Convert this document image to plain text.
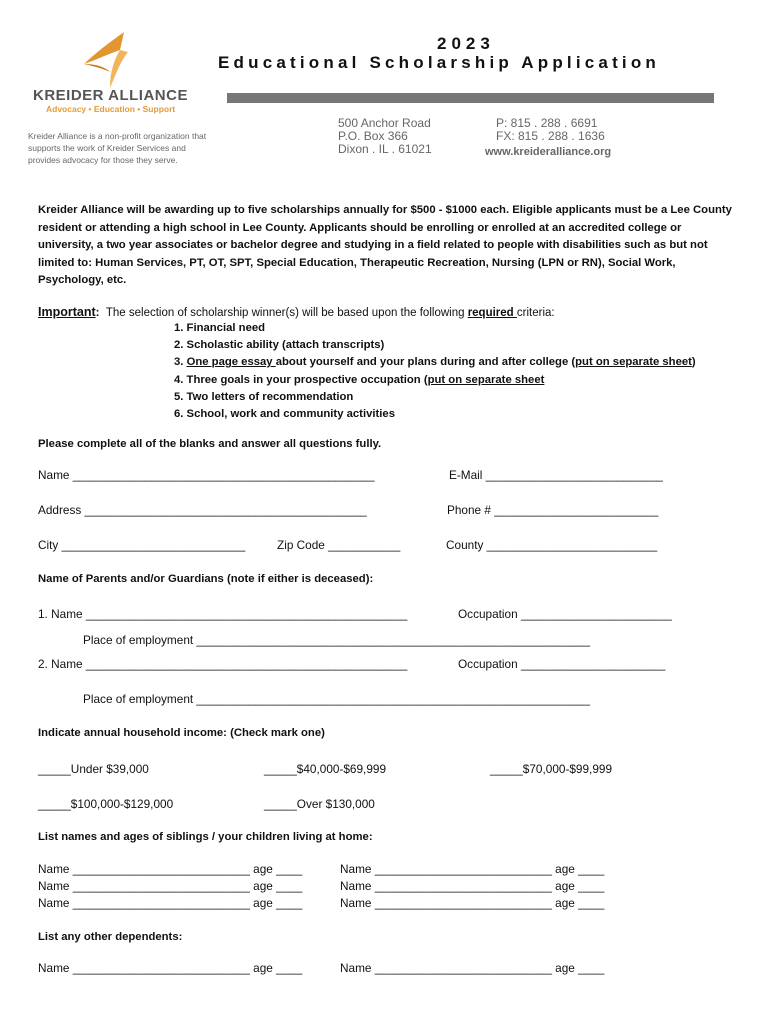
KREIDER ALLIANCE
Advocacy • Education • Support
Kreider Alliance is a non-profit organization that supports the work of Kreider Services and provides advocacy for those they serve.
2023
Educational Scholarship Application
500 Anchor Road
P.O. Box 366
Dixon . IL . 61021
P: 815 . 288 . 6691
FX: 815 . 288 . 1636
www.kreideralliance.org
Kreider Alliance will be awarding up to five scholarships annually for $500 - $1000 each. Eligible applicants must be a Lee County resident or attending a high school in Lee County. Applicants should be enrolling or enrolled at an accredited college or university, a two year associates or bachelor degree and studying in a field related to people with disabilities such as but not limited to: Human Services, PT, OT, SPT, Special Education, Therapeutic Recreation, Nursing (LPN or RN), Social Work, Psychology, etc.
Important: The selection of scholarship winner(s) will be based upon the following required criteria:
1. Financial need
2. Scholastic ability (attach transcripts)
3. One page essay about yourself and your plans during and after college (put on separate sheet)
4. Three goals in your prospective occupation (put on separate sheet
5. Two letters of recommendation
6. School, work and community activities
Please complete all of the blanks and answer all questions fully.
Name ______________________________________________	E-Mail ___________________________
Address ___________________________________________	Phone # _________________________
City ____________________________	Zip Code ___________	County __________________________
Name of Parents and/or Guardians (note if either is deceased):
1. Name _________________________________________________	Occupation _______________________
Place of employment ____________________________________________________________
2. Name _________________________________________________	Occupation ______________________
Place of employment ____________________________________________________________
Indicate annual household income: (Check mark one)
_____Under $39,000	_____$40,000-$69,999	_____$70,000-$99,999
_____$100,000-$129,000	_____Over $130,000
List names and ages of siblings / your children living at home:
Name ___________________________ age ____	Name ___________________________ age ____
Name ___________________________ age ____	Name ___________________________ age ____
Name ___________________________ age ____	Name ___________________________ age ____
List any other dependents:
Name ___________________________ age ____	Name ___________________________ age ____
